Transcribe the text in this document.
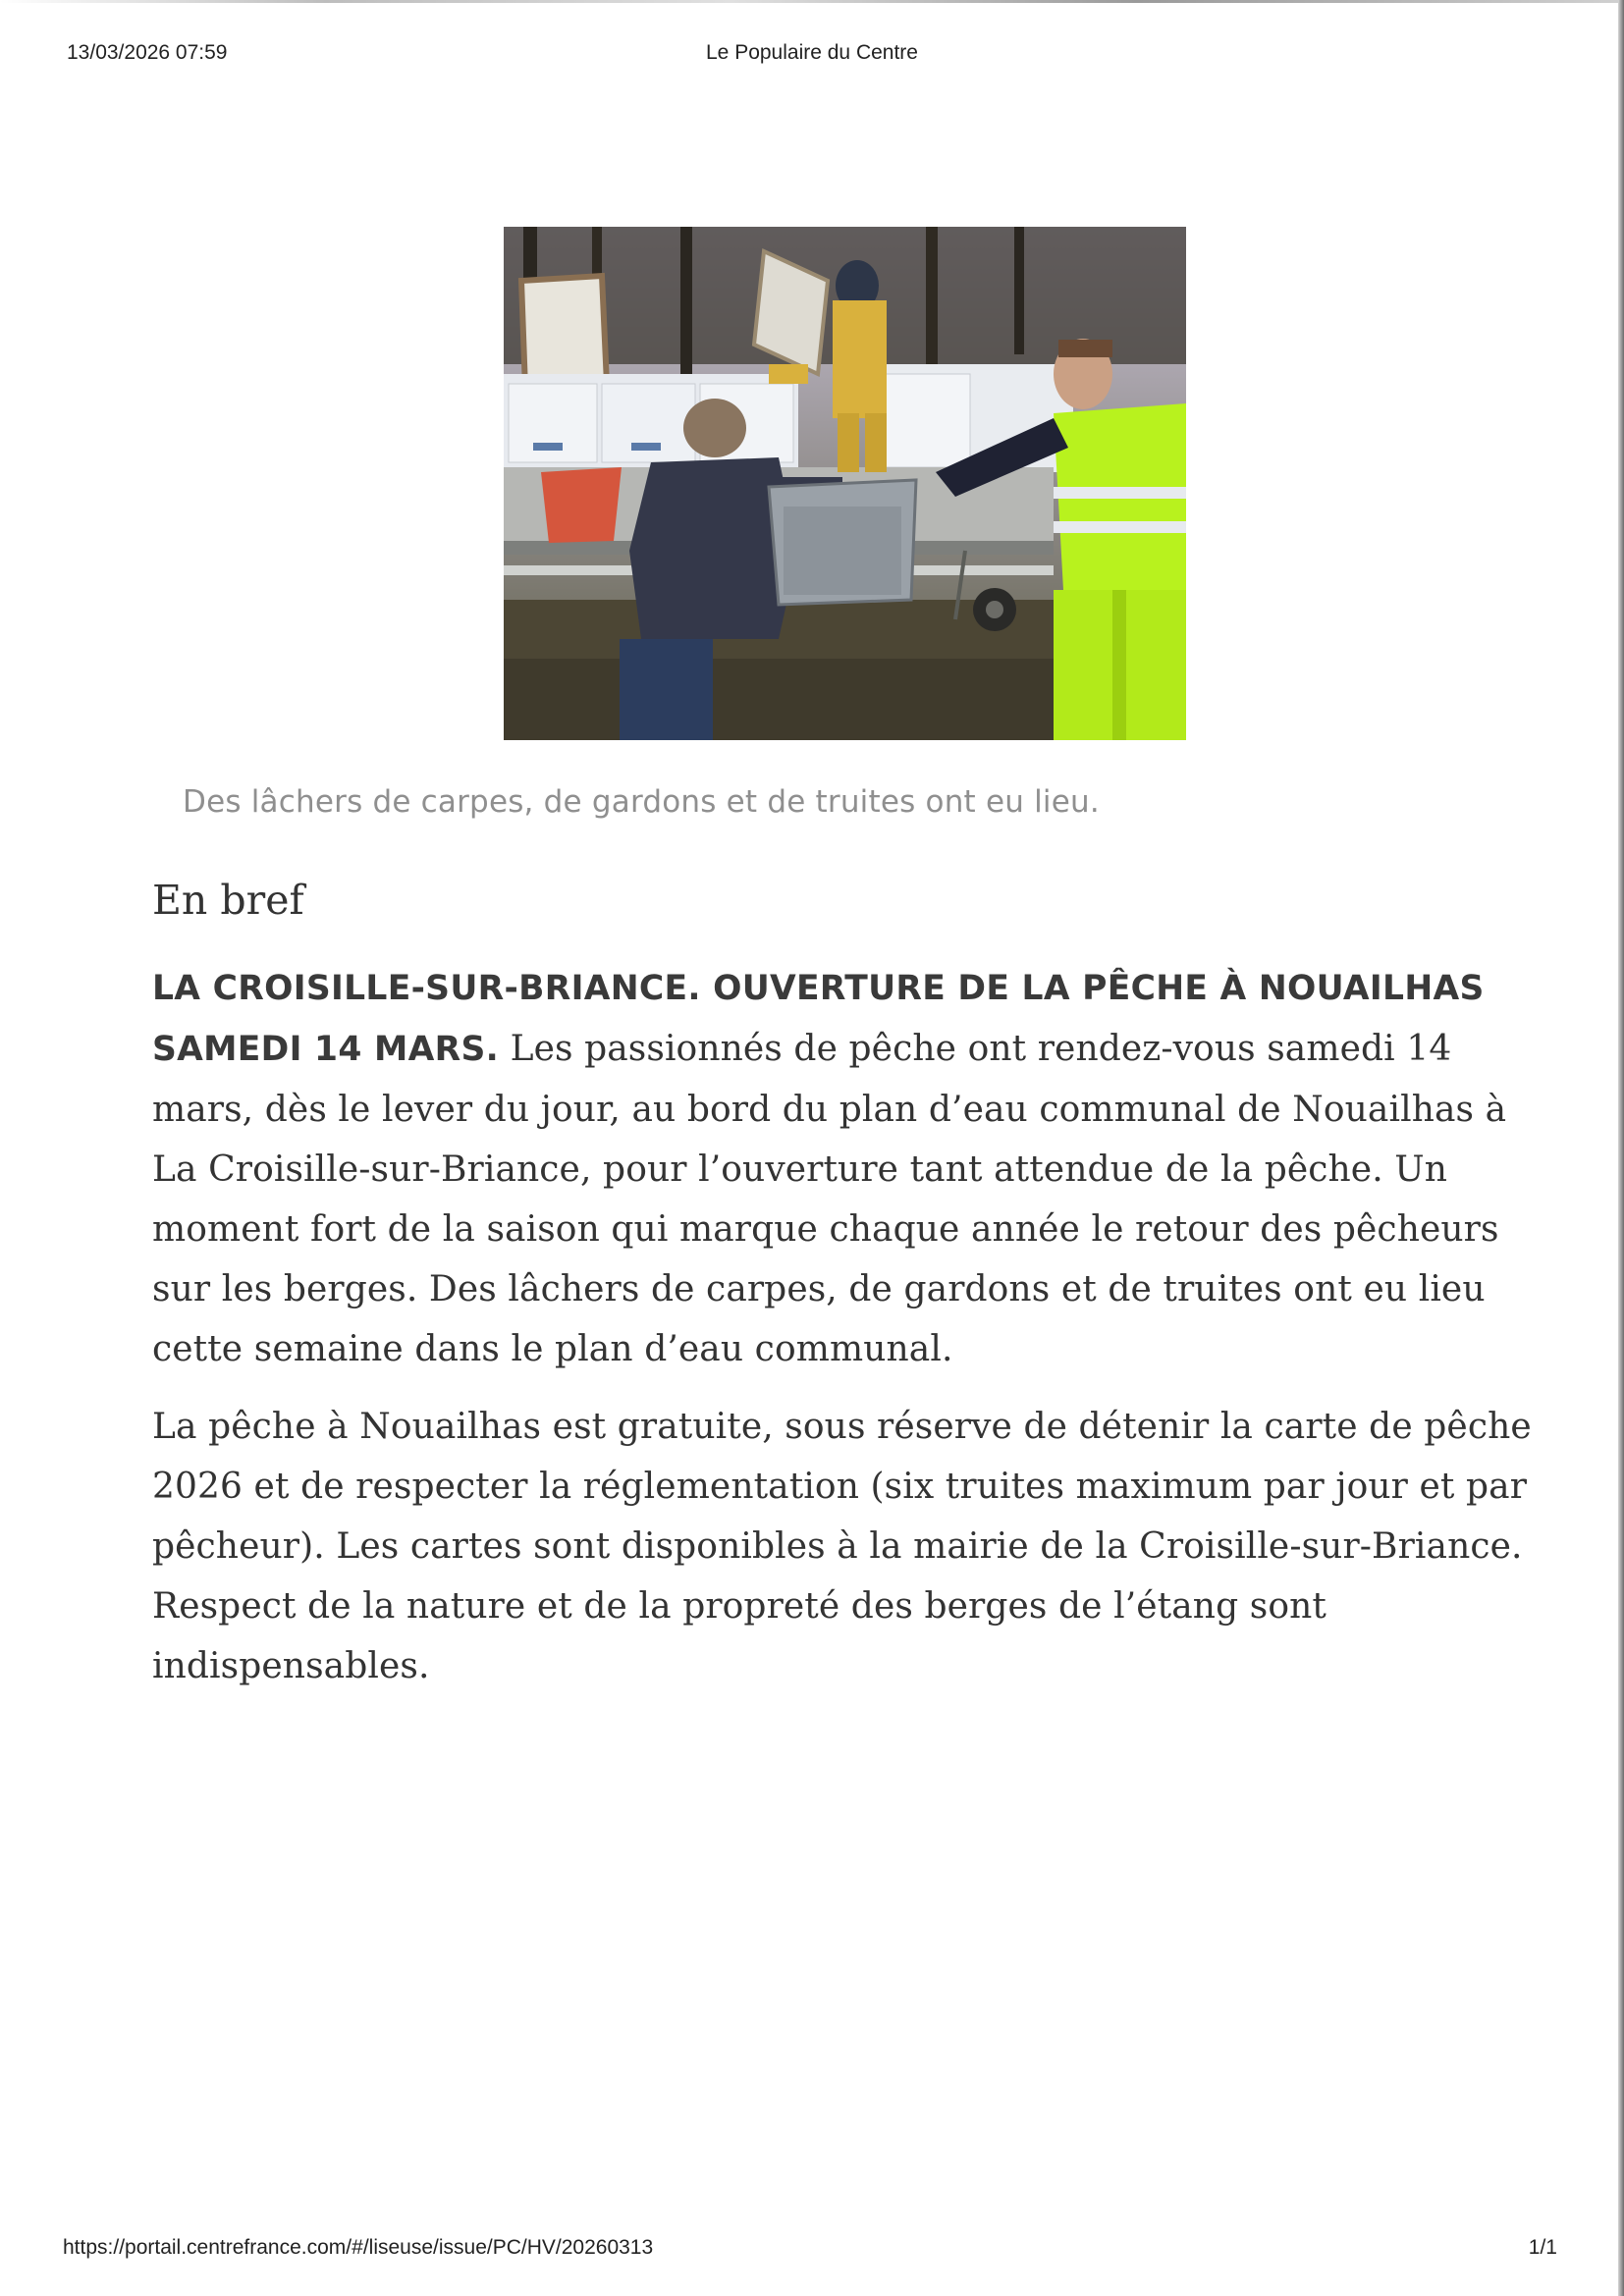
13/03/2026 07:59	Le Populaire du Centre
Des lâchers de carpes, de gardons et de truites ont eu lieu.
En bref

LA CROISILLE-SUR-BRIANCE. OUVERTURE DE LA PÊCHE À NOUAILHAS SAMEDI 14 MARS. Les passionnés de pêche ont rendez-vous samedi 14 mars, dès le lever du jour, au bord du plan d’eau communal de Nouailhas à La Croisille-sur-Briance, pour l’ouverture tant attendue de la pêche. Un moment fort de la saison qui marque chaque année le retour des pêcheurs sur les berges. Des lâchers de carpes, de gardons et de truites ont eu lieu cette semaine dans le plan d’eau communal.

La pêche à Nouailhas est gratuite, sous réserve de détenir la carte de pêche 2026 et de respecter la réglementation (six truites maximum par jour et par pêcheur). Les cartes sont disponibles à la mairie de la Croisille-sur-Briance. Respect de la nature et de la propreté des berges de l’étang sont indispensables.

https://portail.centrefrance.com/#/liseuse/issue/PC/HV/20260313	1/1
